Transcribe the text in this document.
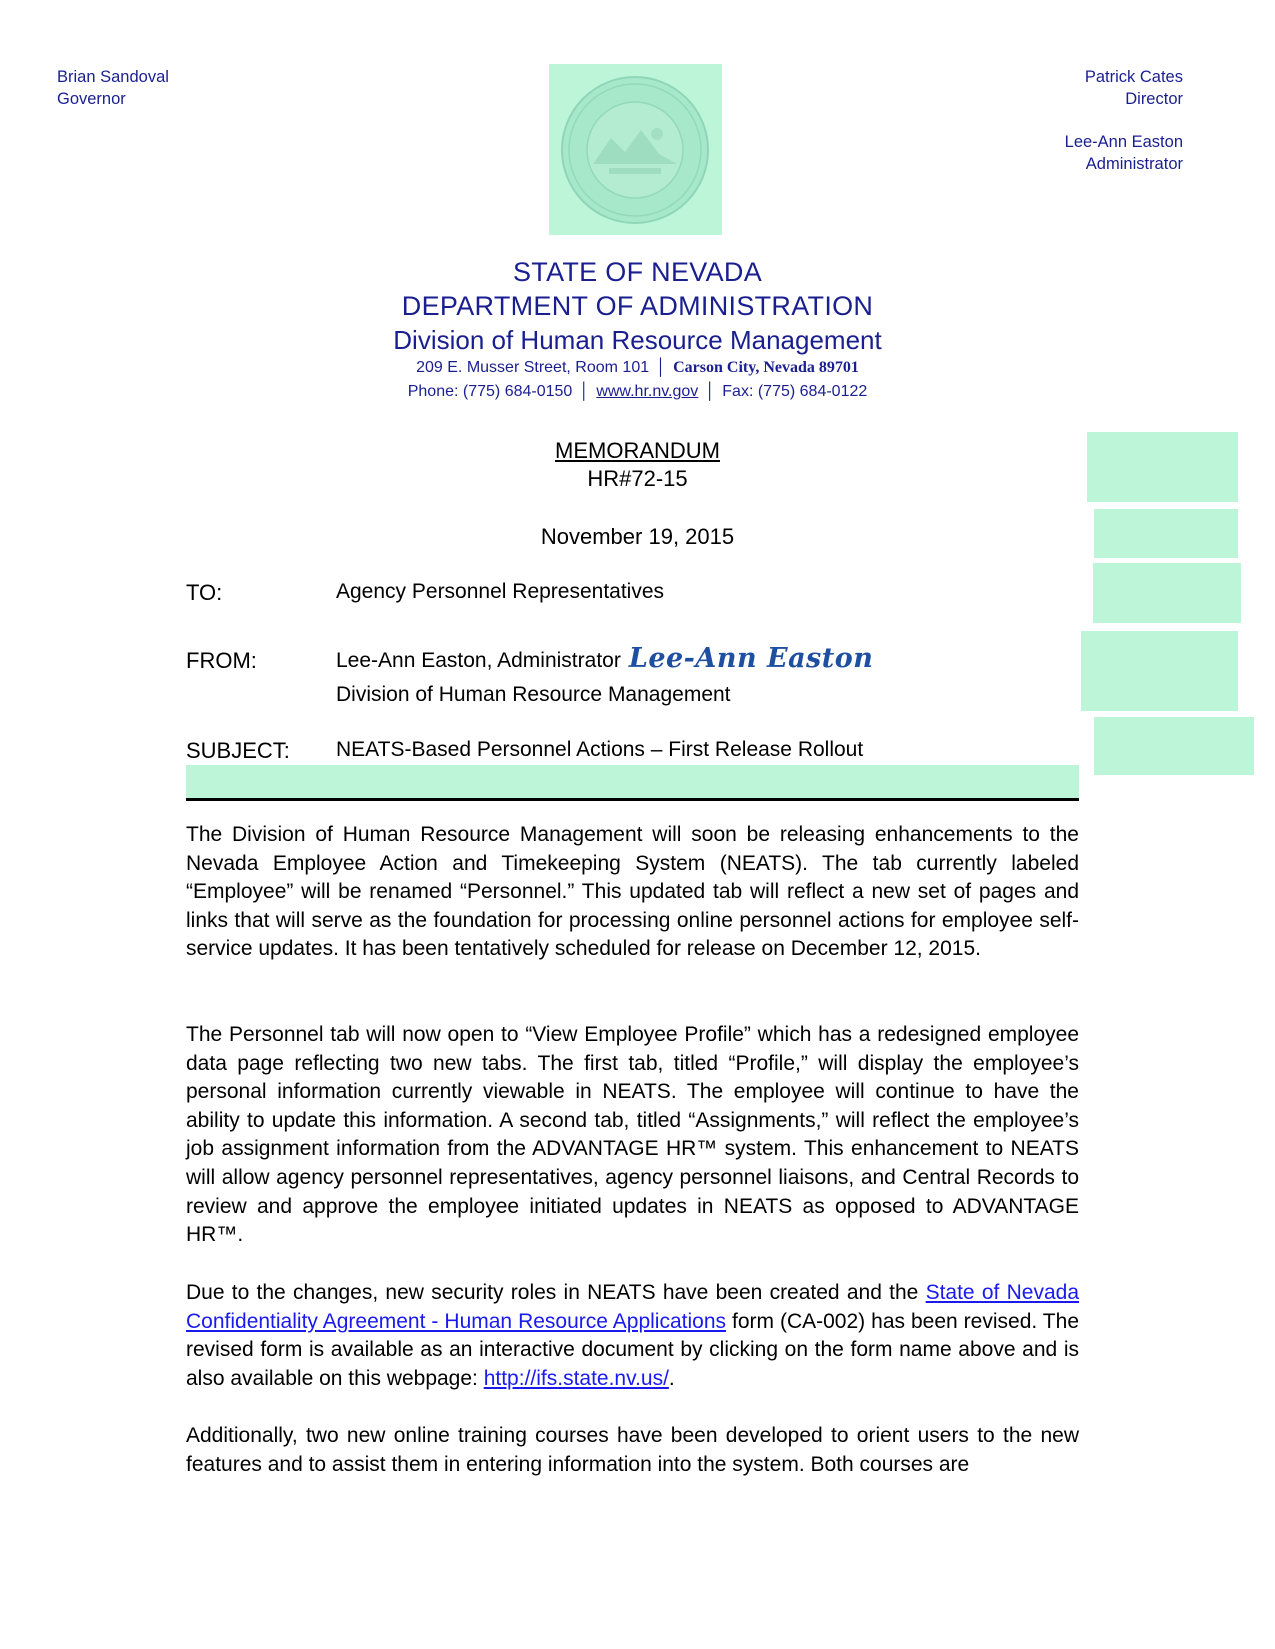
Brian Sandoval
Governor
Patrick Cates
Director
Lee-Ann Easton
Administrator
STATE OF NEVADA
DEPARTMENT OF ADMINISTRATION
Division of Human Resource Management
209 E. Musser Street, Room 101 │ Carson City, Nevada 89701
Phone: (775) 684-0150 │ www.hr.nv.gov │ Fax: (775) 684-0122
MEMORANDUM
HR#72-15
November 19, 2015
TO:	Agency Personnel Representatives
FROM:	Lee-Ann Easton, Administrator Lee-Ann Easton
Division of Human Resource Management
SUBJECT: NEATS-Based Personnel Actions – First Release Rollout

The Division of Human Resource Management will soon be releasing enhancements to the Nevada Employee Action and Timekeeping System (NEATS). The tab currently labeled “Employee” will be renamed “Personnel.” This updated tab will reflect a new set of pages and links that will serve as the foundation for processing online personnel actions for employee self-service updates. It has been tentatively scheduled for release on December 12, 2015.

The Personnel tab will now open to “View Employee Profile” which has a redesigned employee data page reflecting two new tabs. The first tab, titled “Profile,” will display the employee’s personal information currently viewable in NEATS. The employee will continue to have the ability to update this information. A second tab, titled “Assignments,” will reflect the employee’s job assignment information from the ADVANTAGE HR™ system. This enhancement to NEATS will allow agency personnel representatives, agency personnel liaisons, and Central Records to review and approve the employee initiated updates in NEATS as opposed to ADVANTAGE HR™.

Due to the changes, new security roles in NEATS have been created and the State of Nevada Confidentiality Agreement - Human Resource Applications form (CA-002) has been revised. The revised form is available as an interactive document by clicking on the form name above and is also available on this webpage: http://ifs.state.nv.us/.

Additionally, two new online training courses have been developed to orient users to the new features and to assist them in entering information into the system. Both courses are
